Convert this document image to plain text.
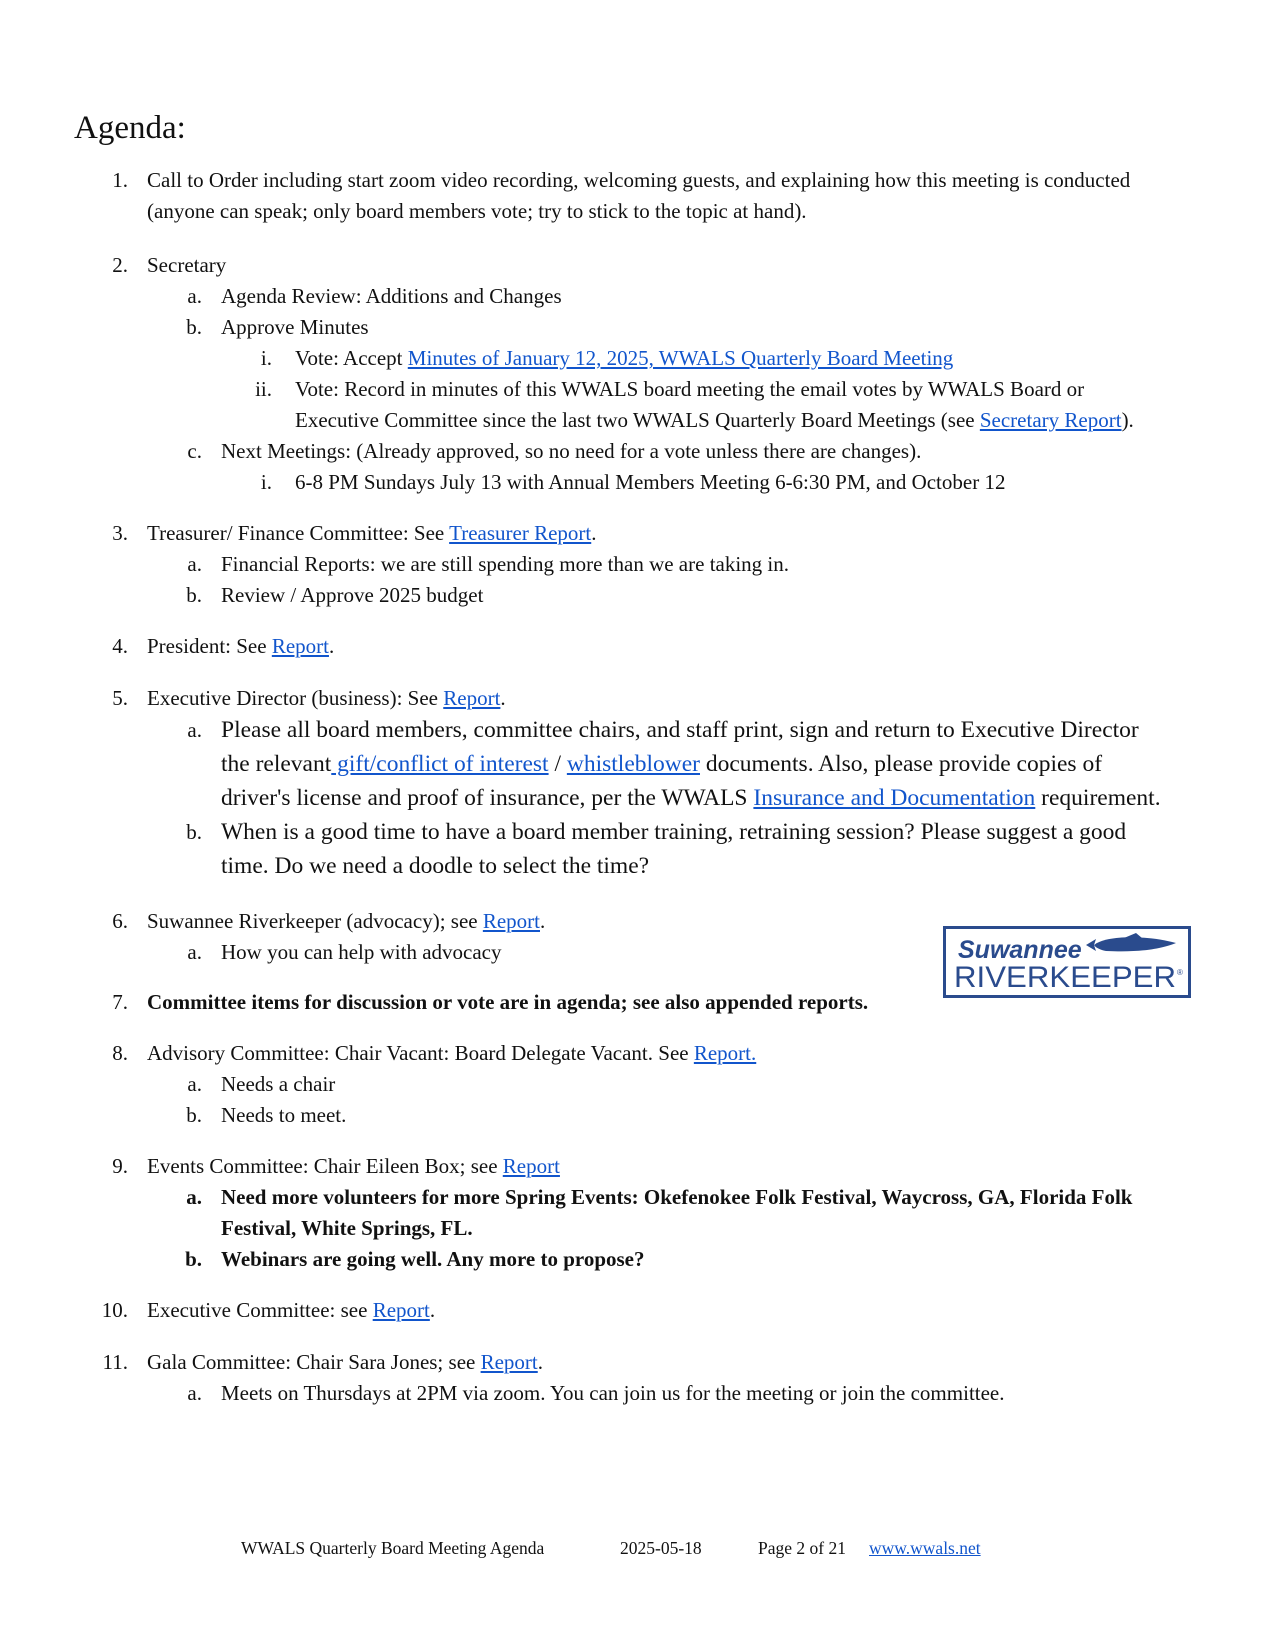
Agenda:
1. Call to Order including start zoom video recording, welcoming guests, and explaining how this meeting is conducted
(anyone can speak; only board members vote; try to stick to the topic at hand).
2. Secretary
a. Agenda Review: Additions and Changes
b. Approve Minutes
i. Vote: Accept Minutes of January 12, 2025, WWALS Quarterly Board Meeting
ii. Vote: Record in minutes of this WWALS board meeting the email votes by WWALS Board or
Executive Committee since the last two WWALS Quarterly Board Meetings (see Secretary Report).
c. Next Meetings: (Already approved, so no need for a vote unless there are changes).
i. 6-8 PM Sundays July 13 with Annual Members Meeting 6-6:30 PM, and October 12
3. Treasurer/ Finance Committee: See Treasurer Report.
a. Financial Reports: we are still spending more than we are taking in.
b. Review / Approve 2025 budget
4. President: See Report.
5. Executive Director (business): See Report.
a. Please all board members, committee chairs, and staff print, sign and return to Executive Director
the relevant gift/conflict of interest / whistleblower documents. Also, please provide copies of
driver's license and proof of insurance, per the WWALS Insurance and Documentation requirement.
b. When is a good time to have a board member training, retraining session? Please suggest a good
time. Do we need a doodle to select the time?
6. Suwannee Riverkeeper (advocacy); see Report.
a. How you can help with advocacy	Suwannee
RIVERKEEPER ®
7. Committee items for discussion or vote are in agenda; see also appended reports.
8. Advisory Committee: Chair Vacant: Board Delegate Vacant. See Report.
a. Needs a chair
b. Needs to meet.
9. Events Committee: Chair Eileen Box; see Report
a. Need more volunteers for more Spring Events: Okefenokee Folk Festival, Waycross, GA, Florida Folk
Festival, White Springs, FL.
b. Webinars are going well. Any more to propose?
10. Executive Committee: see Report.
11. Gala Committee: Chair Sara Jones; see Report.
a. Meets on Thursdays at 2PM via zoom. You can join us for the meeting or join the committee.
WWALS Quarterly Board Meeting Agenda	2025-05-18	Page 2 of 21 www.wwals.net
